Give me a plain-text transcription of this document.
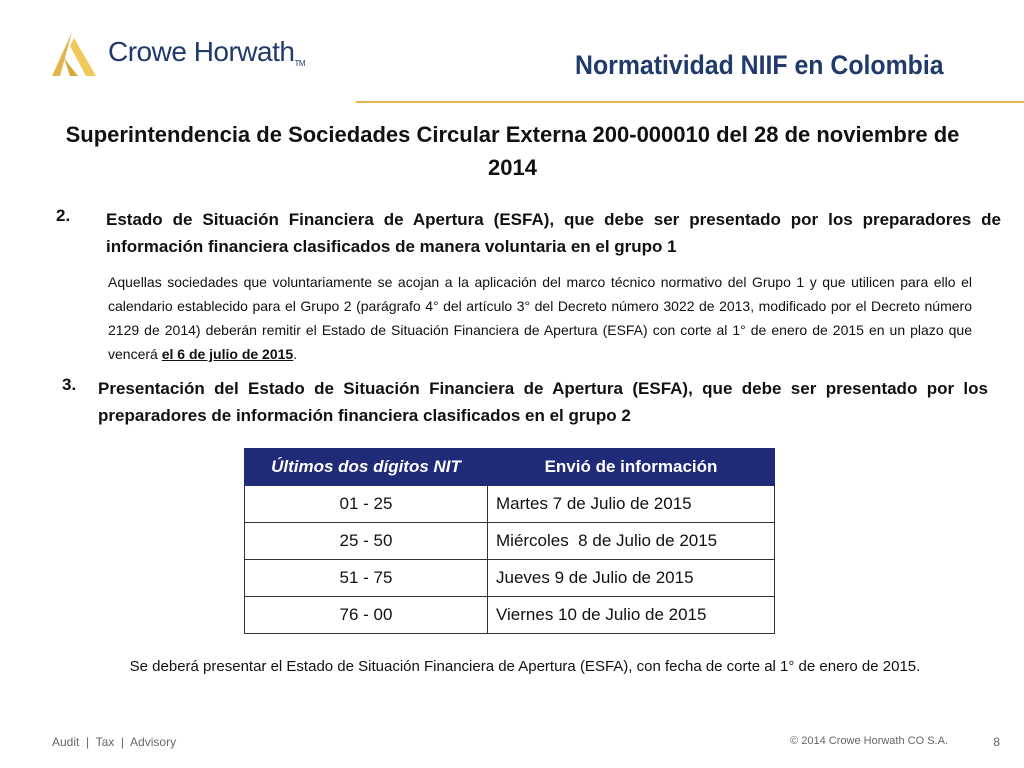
Crowe HorwathTM	Normatividad NIIF en Colombia
Superintendencia de Sociedades Circular Externa 200-000010 del 28 de noviembre de 2014
2. Estado de Situación Financiera de Apertura (ESFA), que debe ser presentado por los preparadores de información financiera clasificados de manera voluntaria en el grupo 1
Aquellas sociedades que voluntariamente se acojan a la aplicación del marco técnico normativo del Grupo 1 y que utilicen para ello el calendario establecido para el Grupo 2 (parágrafo 4° del artículo 3° del Decreto número 3022 de 2013, modificado por el Decreto número 2129 de 2014) deberán remitir el Estado de Situación Financiera de Apertura (ESFA) con corte al 1° de enero de 2015 en un plazo que vencerá el 6 de julio de 2015.
3. Presentación del Estado de Situación Financiera de Apertura (ESFA), que debe ser presentado por los preparadores de información financiera clasificados en el grupo 2
Últimos dos dígitos NIT	Envió de información
01 - 25	Martes 7 de Julio de 2015
25 - 50	Miércoles  8 de Julio de 2015
51 - 75	Jueves 9 de Julio de 2015
76 - 00	Viernes 10 de Julio de 2015
Se deberá presentar el Estado de Situación Financiera de Apertura (ESFA), con fecha de corte al 1° de enero de 2015.
Audit  |  Tax  |  Advisory	© 2014 Crowe Horwath CO S.A.	8
